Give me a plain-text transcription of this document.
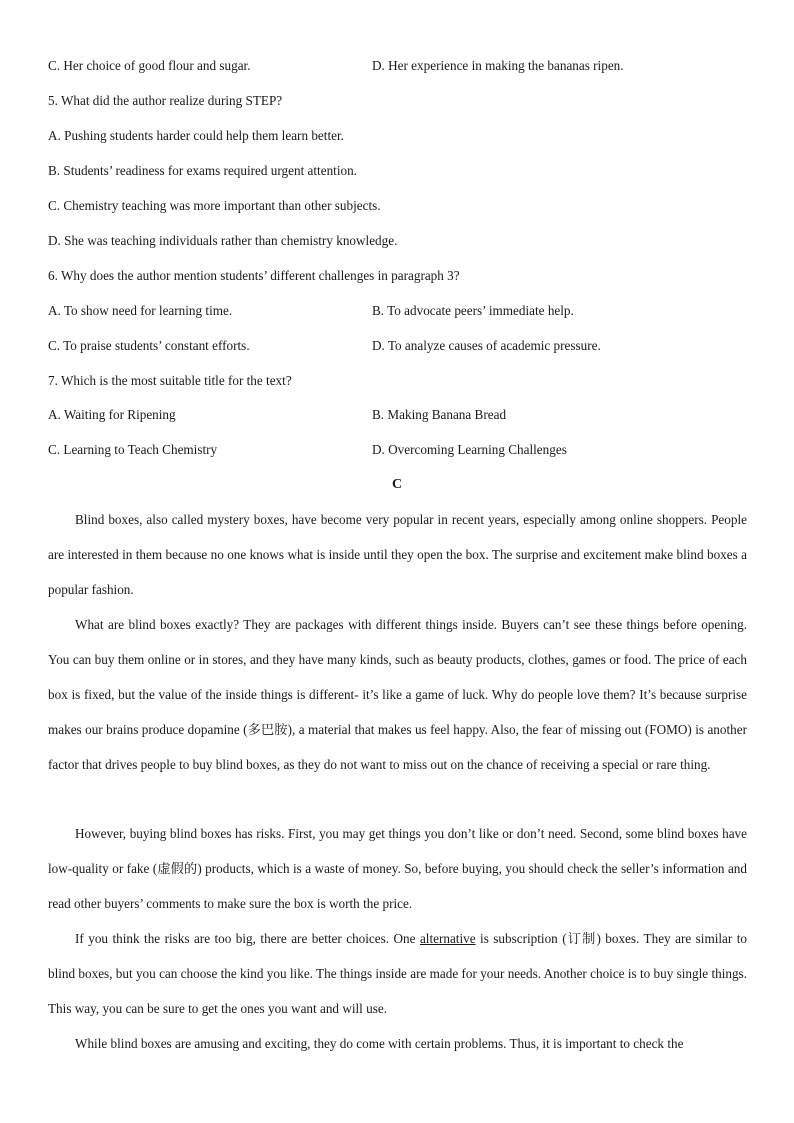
C. Her choice of good flour and sugar.	D. Her experience in making the bananas ripen.
5. What did the author realize during STEP?
A. Pushing students harder could help them learn better.
B. Students’ readiness for exams required urgent attention.
C. Chemistry teaching was more important than other subjects.
D. She was teaching individuals rather than chemistry knowledge.
6. Why does the author mention students’ different challenges in paragraph 3?
A. To show need for learning time.	B. To advocate peers’ immediate help.
C. To praise students’ constant efforts.	D. To analyze causes of academic pressure.
7. Which is the most suitable title for the text?
A. Waiting for Ripening	B. Making Banana Bread
C. Learning to Teach Chemistry	D. Overcoming Learning Challenges
C

Blind boxes, also called mystery boxes, have become very popular in recent years, especially among online shoppers. People are interested in them because no one knows what is inside until they open the box. The surprise and excitement make blind boxes a popular fashion.

What are blind boxes exactly? They are packages with different things inside. Buyers can’t see these things before opening. You can buy them online or in stores, and they have many kinds, such as beauty products, clothes, games or food. The price of each box is fixed, but the value of the inside things is different- it’s like a game of luck. Why do people love them? It’s because surprise makes our brains produce dopamine (多巴胺), a material that makes us feel happy. Also, the fear of missing out (FOMO) is another factor that drives people to buy blind boxes, as they do not want to miss out on the chance of receiving a special or rare thing.

However, buying blind boxes has risks. First, you may get things you don’t like or don’t need. Second, some blind boxes have low-quality or fake (虚假的) products, which is a waste of money. So, before buying, you should check the seller’s information and read other buyers’ comments to make sure the box is worth the price.

If you think the risks are too big, there are better choices. One alternative is subscription (订制) boxes. They are similar to blind boxes, but you can choose the kind you like. The things inside are made for your needs. Another choice is to buy single things. This way, you can be sure to get the ones you want and will use.

While blind boxes are amusing and exciting, they do come with certain problems. Thus, it is important to check the
